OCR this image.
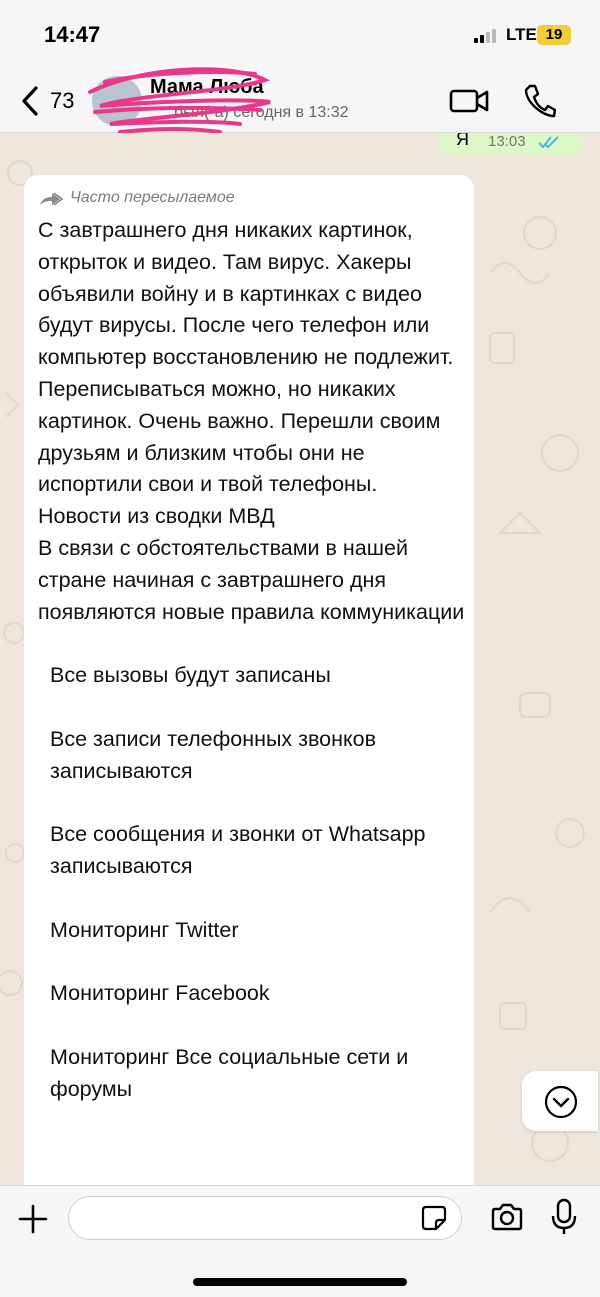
14:47	LTE 19
73
Мама Люба
был(-а) сегодня в 13:32
Я 13:03
Часто пересылаемое

С завтрашнего дня никаких картинок, открыток и видео. Там вирус. Хакеры объявили войну и в картинках с видео будут вирусы. После чего телефон или компьютер восстановлению не подлежит. Переписываться можно, но никаких картинок. Очень важно. Перешли своим друзьям и близким чтобы они не испортили свои и твой телефоны.

Новости из сводки МВД

В связи с обстоятельствами в нашей стране начиная с завтрашнего дня появляются новые правила коммуникации

Все вызовы будут записаны

Все записи телефонных звонков записываются

Все сообщения и звонки от Whatsapp записываются

Мониторинг Twitter

Мониторинг Facebook

Мониторинг Все социальные сети и форумы
